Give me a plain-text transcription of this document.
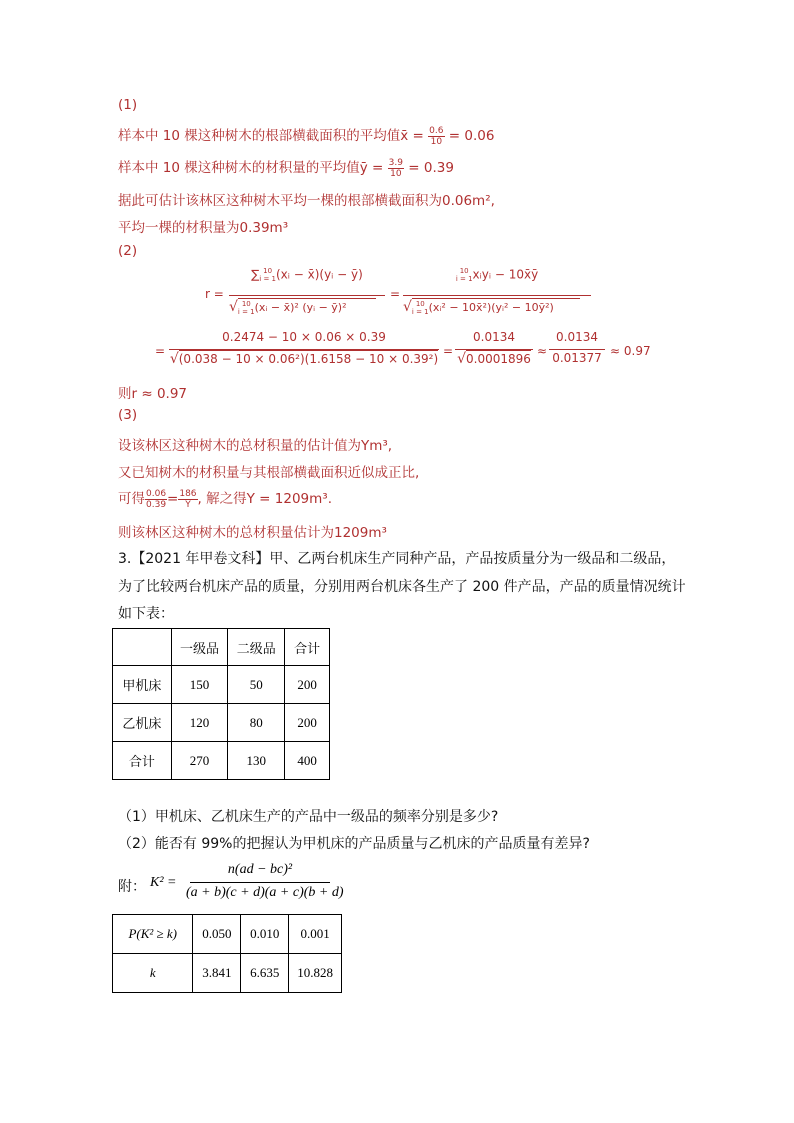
(1)
样本中 10 棵这种树木的根部横截面积的平均值x̄ = $\frac{0.6}{10} = 0.06$
样本中 10 棵这种树木的材积量的平均值ȳ = $\frac{3.9}{10} = 0.39$
据此可估计该林区这种树木平均一棵的根部横截面积为0.06m²,
平均一棵的材积量为0.39m³
(2)
r =
∑ 10
i = 1 (xᵢ − x̄)(yᵢ − ȳ)
√ 10
i = 1 (xᵢ − x̄)² (yᵢ − ȳ)²
=
10
i = 1 xᵢyᵢ − 10x̄ȳ
√ 10
i = 1 (xᵢ² − 10x̄²)(yᵢ² − 10ȳ²)
=
0.2474 − 10 × 0.06 × 0.39
√(0.038 − 10 × 0.06²)(1.6158 − 10 × 0.39²)
=
0.0134
√0.0001896
≈
0.0134
0.01377 ≈ 0.97
则r ≈ 0.97
(3)
设该林区这种树木的总材积量的估计值为Ym³,
又已知树木的材积量与其根部横截面积近似成正比,
可得 $\frac{0.06}{0.39} = \frac{186}{Y}$ , 解之得Y = 1209m³.
则该林区这种树木的总材积量估计为1209m³
3.【2021 年甲卷文科】甲、乙两台机床生产同种产品，产品按质量分为一级品和二级品，
为了比较两台机床产品的质量，分别用两台机床各生产了 200 件产品，产品的质量情况统计
如下表：
	一级品	二级品	合计
甲机床	150	50	200
乙机床	120	80	200
合计	270	130	400
（1）甲机床、乙机床生产的产品中一级品的频率分别是多少?
（2）能否有 99%的把握认为甲机床的产品质量与乙机床的产品质量有差异?
附： K² =
n(ad − bc)²
(a + b)(c + d)(a + c)(b + d)
P(K² ≥ k)	0.050	0.010	0.001
k	3.841	6.635	10.828
